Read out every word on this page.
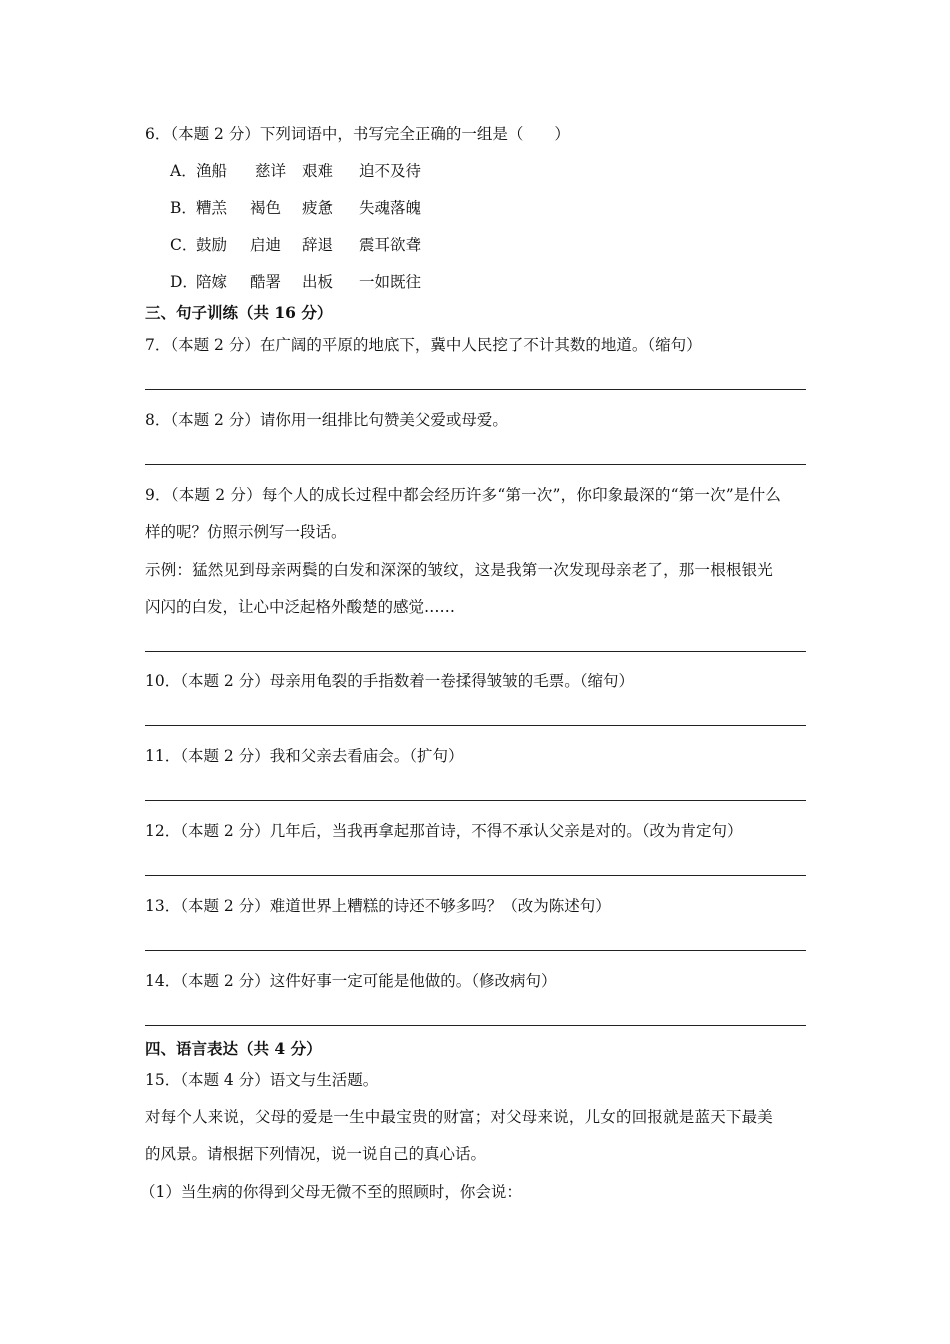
6．（本题 2 分）下列词语中，书写完全正确的一组是（　　）
A． 渔船 慈详 艰难 迫不及待
B． 糟羔 褐色 疲惫 失魂落魄
C．
鼓励 启迪 辞退 震耳欲聋
D．
陪嫁 酷署 出板 一如既往
三、句子训练（共 16 分）
7．（本题 2 分）在广阔的平原的地底下，冀中人民挖了不计其数的地道。（缩句）
8．（本题 2 分）请你用一组排比句赞美父爱或母爱。
9．（本题 2 分）每个人的成长过程中都会经历许多“第一次”，你印象最深的“第一次”是什么
样的呢？仿照示例写一段话。
示例：猛然见到母亲两鬓的白发和深深的皱纹，这是我第一次发现母亲老了，那一根根银光
闪闪的白发，让心中泛起格外酸楚的感觉……
10．（本题 2 分）母亲用龟裂的手指数着一卷揉得皱皱的毛票。（缩句）
11．（本题 2 分）我和父亲去看庙会。（扩句）
12．（本题 2 分）几年后，当我再拿起那首诗，不得不承认父亲是对的。（改为肯定句）
13．（本题 2 分）难道世界上糟糕的诗还不够多吗？（改为陈述句）
14．（本题 2 分）这件好事一定可能是他做的。（修改病句）
四、语言表达（共 4 分）
15．（本题 4 分）语文与生活题。
对每个人来说，父母的爱是一生中最宝贵的财富；对父母来说，儿女的回报就是蓝天下最美
的风景。请根据下列情况，说一说自己的真心话。
（1）当生病的你得到父母无微不至的照顾时，你会说：
